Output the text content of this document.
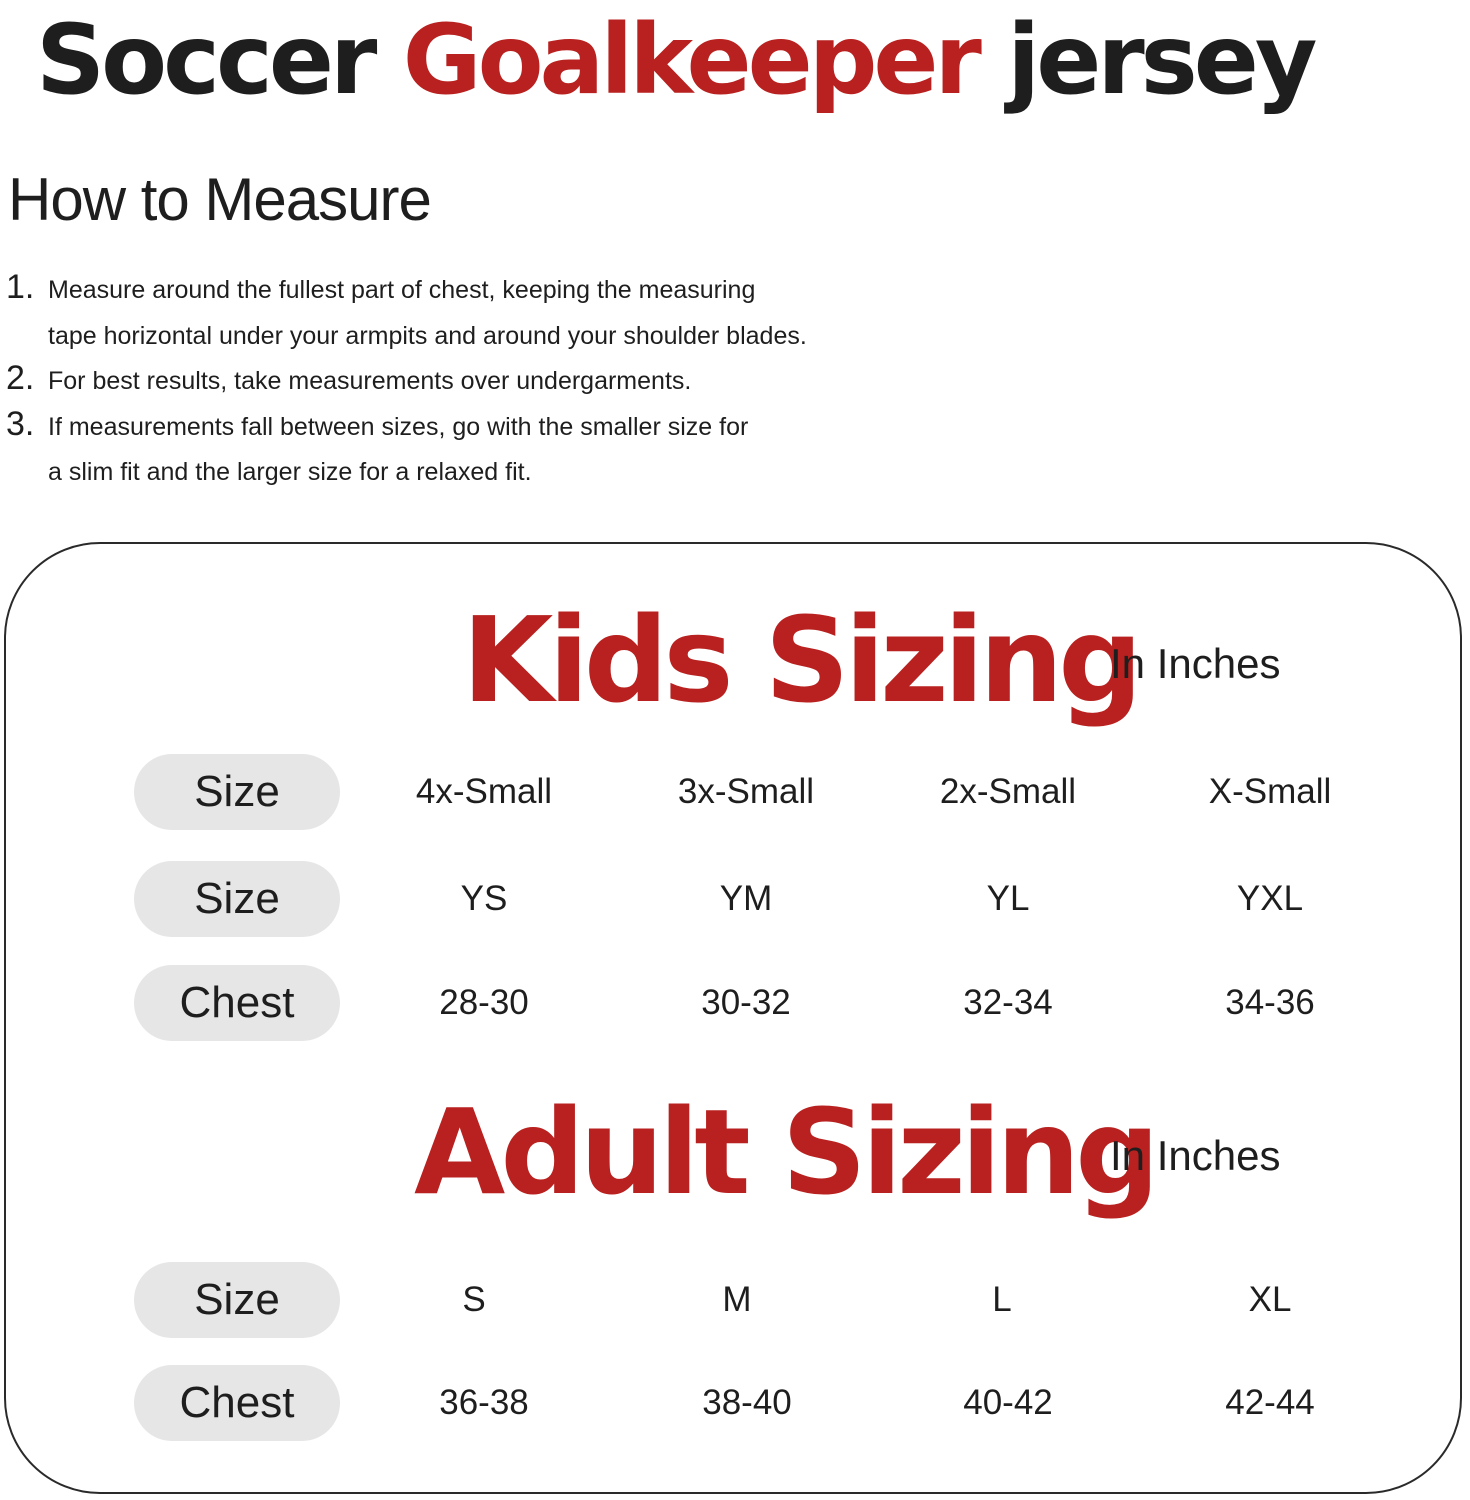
Soccer Goalkeeper jersey
How to Measure
1. Measure around the fullest part of chest, keeping the measuring
tape horizontal under your armpits and around your shoulder blades.
2. For best results, take measurements over undergarments.
3. If measurements fall between sizes, go with the smaller size for
a slim fit and the larger size for a relaxed fit.
Kids Sizing
In Inches
Size	4x-Small	3x-Small	2x-Small	X-Small
Size	YS	YM	YL	YXL
Chest	28-30	30-32	32-34	34-36
Adult Sizing
In Inches
Size	S	M	L	XL
Chest	36-38	38-40	40-42	42-44
